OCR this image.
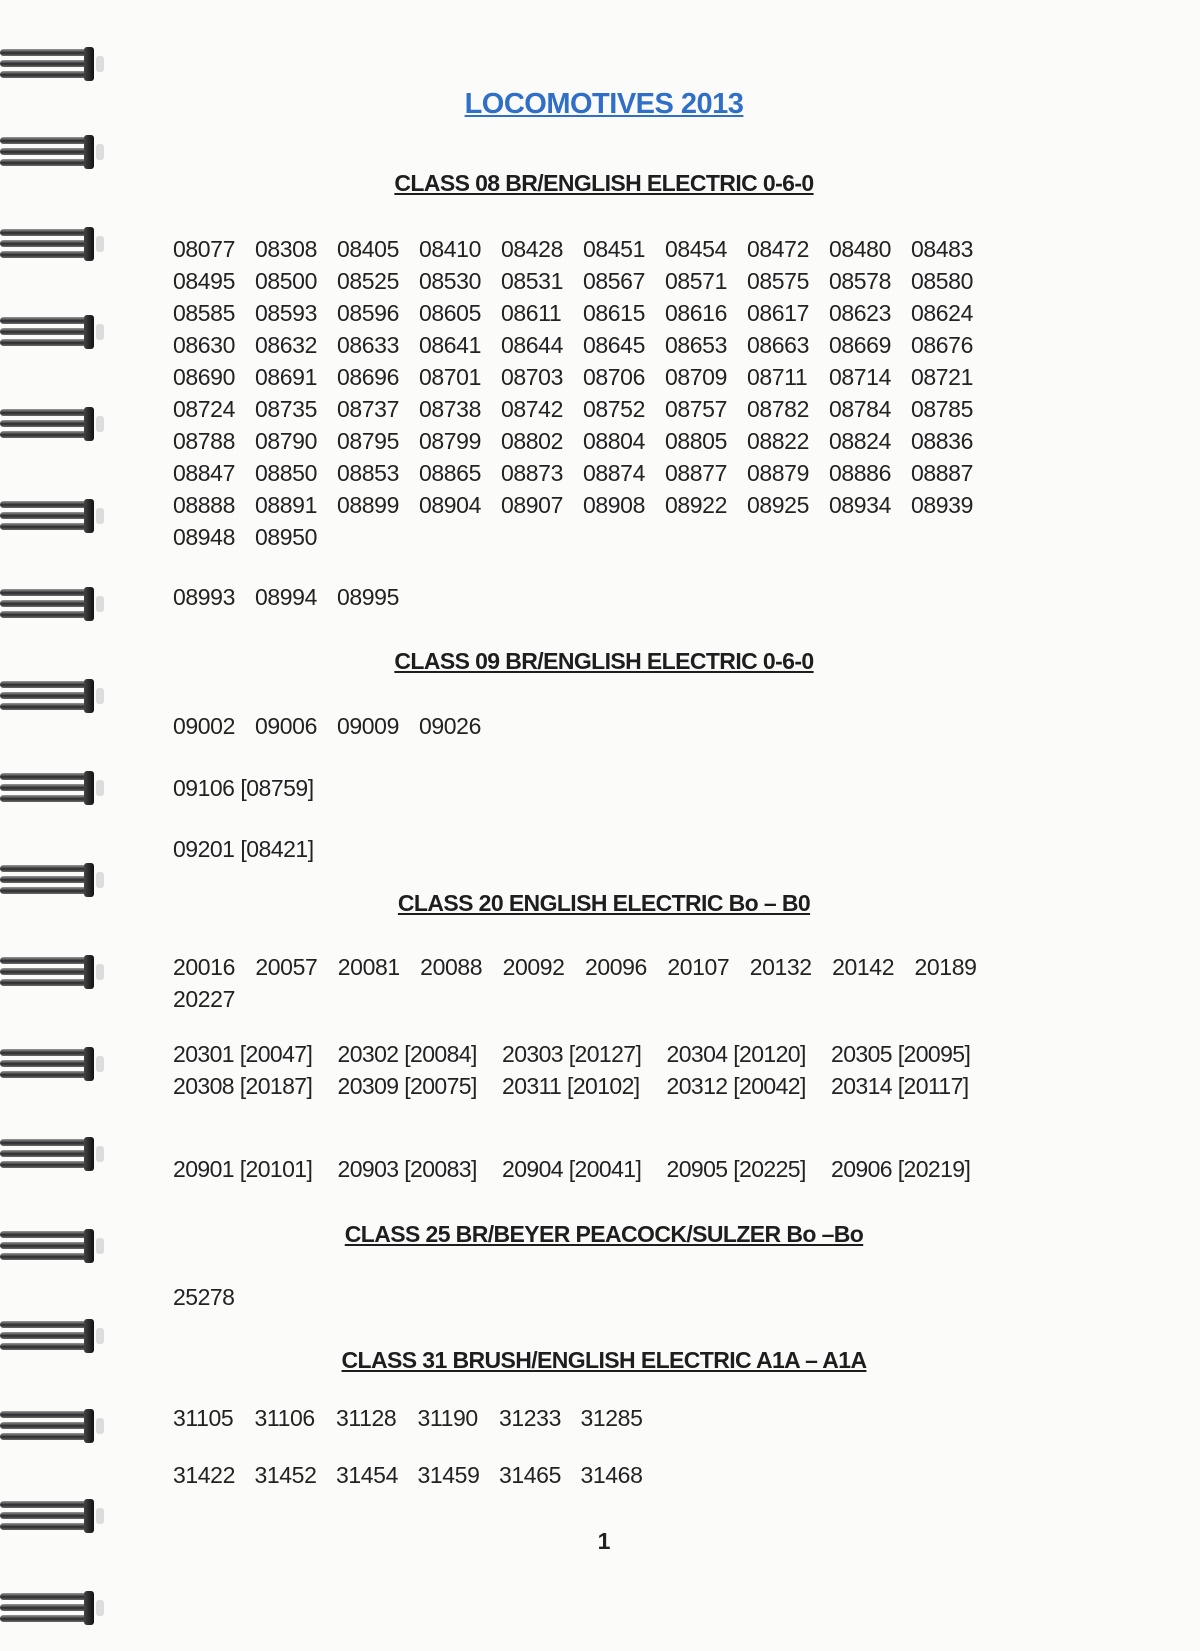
LOCOMOTIVES 2013
CLASS 08 BR/ENGLISH ELECTRIC 0-6-0
08077 08308 08405 08410 08428 08451 08454 08472 08480 08483
08495 08500 08525 08530 08531 08567 08571 08575 08578 08580
08585 08593 08596 08605 08611 08615 08616 08617 08623 08624
08630 08632 08633 08641 08644 08645 08653 08663 08669 08676
08690 08691 08696 08701 08703 08706 08709 08711 08714 08721
08724 08735 08737 08738 08742 08752 08757 08782 08784 08785
08788 08790 08795 08799 08802 08804 08805 08822 08824 08836
08847 08850 08853 08865 08873 08874 08877 08879 08886 08887
08888 08891 08899 08904 08907 08908 08922 08925 08934 08939
08948 08950
08993 08994 08995
CLASS 09 BR/ENGLISH ELECTRIC 0-6-0
09002 09006 09009 09026
09106 [08759]
09201 [08421]
CLASS 20 ENGLISH ELECTRIC Bo – B0
20016 20057 20081 20088 20092 20096 20107 20132 20142 20189
20227
20301 [20047]	20302 [20084]	20303 [20127]	20304 [20120]	20305 [20095]
20308 [20187]	20309 [20075]	20311 [20102]	20312 [20042]	20314 [20117]
20901 [20101]	20903 [20083]	20904 [20041]	20905 [20225]	20906 [20219]
CLASS 25 BR/BEYER PEACOCK/SULZER Bo –Bo
25278
CLASS 31 BRUSH/ENGLISH ELECTRIC A1A – A1A
31105 31106 31128 31190 31233 31285
31422 31452 31454 31459 31465 31468
1
